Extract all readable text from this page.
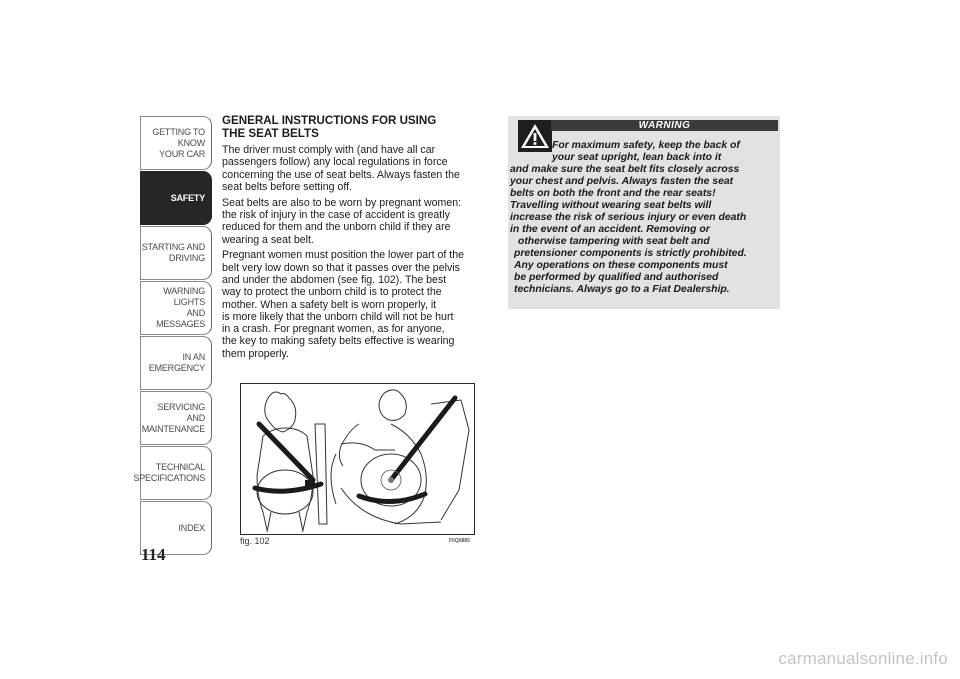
GETTING TO KNOW
YOUR CAR
SAFETY
STARTING AND
DRIVING
WARNING LIGHTS
AND MESSAGES
IN AN EMERGENCY
SERVICING AND
MAINTENANCE
TECHNICAL
SPECIFICATIONS
INDEX
114
GENERAL INSTRUCTIONS FOR USING
THE SEAT BELTS
The driver must comply with (and have all car
passengers follow) any local regulations in force
concerning the use of seat belts. Always fasten the
seat belts before setting off.
Seat belts are also to be worn by pregnant women:
the risk of injury in the case of accident is greatly
reduced for them and the unborn child if they are
wearing a seat belt.
Pregnant women must position the lower part of the
belt very low down so that it passes over the pelvis
and under the abdomen (see fig. 102). The best
way to protect the unborn child is to protect the
mother. When a safety belt is worn properly, it
is more likely that the unborn child will not be hurt
in a crash. For pregnant women, as for anyone,
the key to making safety belts effective is wearing
them properly.
fig. 102	F0Q0885
WARNING
For maximum safety, keep the back of
your seat upright, lean back into it
and make sure the seat belt fits closely across
your chest and pelvis. Always fasten the seat
belts on both the front and the rear seats!
Travelling without wearing seat belts will
increase the risk of serious injury or even death
in the event of an accident. Removing or
otherwise tampering with seat belt and
pretensioner components is strictly prohibited.
Any operations on these components must
be performed by qualified and authorised
technicians. Always go to a Fiat Dealership.
carmanualsonline.info
